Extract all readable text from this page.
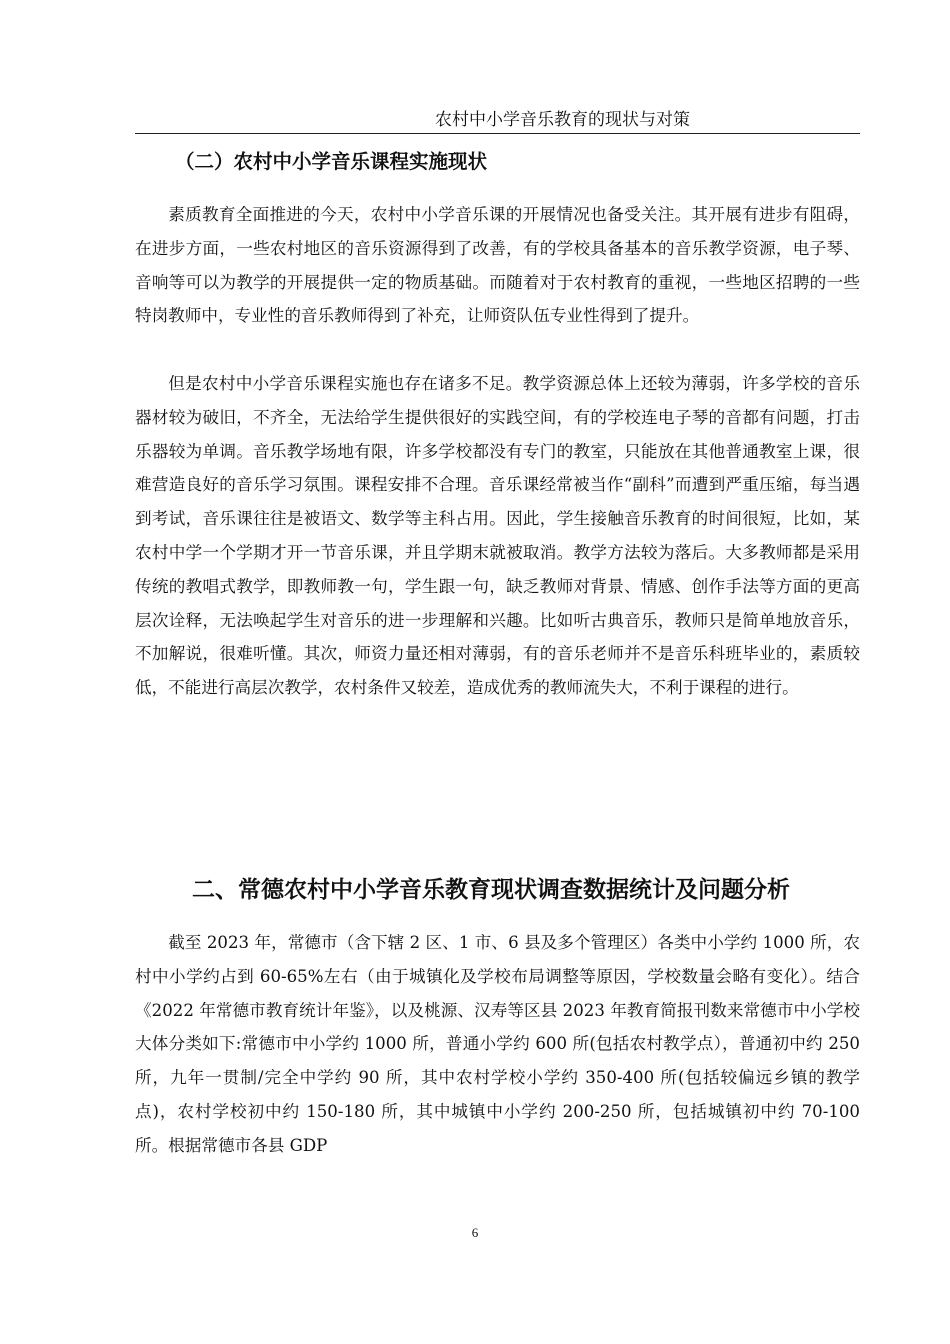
农村中小学音乐教育的现状与对策
（二）农村中小学音乐课程实施现状

素质教育全面推进的今天，农村中小学音乐课的开展情况也备受关注。其开展有进步有阻碍，在进步方面，一些农村地区的音乐资源得到了改善，有的学校具备基本的音乐教学资源，电子琴、音响等可以为教学的开展提供一定的物质基础。而随着对于农村教育的重视，一些地区招聘的一些特岗教师中，专业性的音乐教师得到了补充，让师资队伍专业性得到了提升。

但是农村中小学音乐课程实施也存在诸多不足。教学资源总体上还较为薄弱，许多学校的音乐器材较为破旧，不齐全，无法给学生提供很好的实践空间，有的学校连电子琴的音都有问题，打击乐器较为单调。音乐教学场地有限，许多学校都没有专门的教室，只能放在其他普通教室上课，很难营造良好的音乐学习氛围。课程安排不合理。音乐课经常被当作“副科”而遭到严重压缩，每当遇到考试，音乐课往往是被语文、数学等主科占用。因此，学生接触音乐教育的时间很短，比如，某农村中学一个学期才开一节音乐课，并且学期末就被取消。教学方法较为落后。大多教师都是采用传统的教唱式教学，即教师教一句，学生跟一句，缺乏教师对背景、情感、创作手法等方面的更高层次诠释，无法唤起学生对音乐的进一步理解和兴趣。比如听古典音乐，教师只是简单地放音乐，不加解说，很难听懂。其次，师资力量还相对薄弱，有的音乐老师并不是音乐科班毕业的，素质较低，不能进行高层次教学，农村条件又较差，造成优秀的教师流失大，不利于课程的进行。

二、常德农村中小学音乐教育现状调查数据统计及问题分析

截至 2023 年，常德市（含下辖 2 区、1 市、6 县及多个管理区）各类中小学约 1000 所，农村中小学约占到 60-65%左右（由于城镇化及学校布局调整等原因，学校数量会略有变化）。结合《2022 年常德市教育统计年鉴》，以及桃源、汉寿等区县 2023 年教育简报刊数来常德市中小学校大体分类如下:常德市中小学约 1000 所，普通小学约 600 所(包括农村教学点），普通初中约 250 所，九年一贯制/完全中学约 90 所，其中农村学校小学约 350-400 所(包括较偏远乡镇的教学点)，农村学校初中约 150-180 所，其中城镇中小学约 200-250 所，包括城镇初中约 70-100 所。根据常德市各县 GDP

6
